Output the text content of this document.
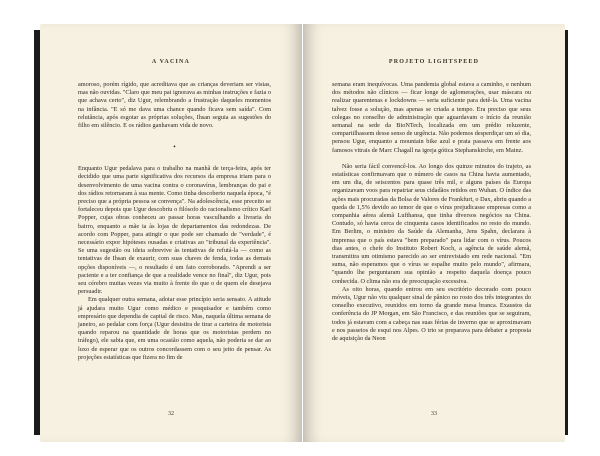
A VACINA

amoroso, porém rígido, que acreditava que as crianças deveriam ser vistas, mas não ouvidas. "Claro que meu pai ignorava as minhas instruções e fazia o que achava certo", diz Ugur, relembrando a frustração daqueles momentos na infância. "E só me dava uma chance quando ficava sem saída". Com relutância, após esgotar as próprias soluções, Ihsan seguia as sugestões do filho em silêncio. E os rádios ganhavam vida de novo.

•

Enquanto Ugur pedalava para o trabalho na manhã de terça-feira, após ter decidido que uma parte significativa dos recursos da empresa iriam para o desenvolvimento de uma vacina contra o coronavírus, lembranças do pai e dos rádios retornaram à sua mente. Como tinha descoberto naquela época, "é preciso que a própria pessoa se convença". Na adolescência, esse preceito se fortaleceu depois que Ugur descobriu o filósofo do racionalismo crítico Karl Popper, cujas obras conheceu ao passar horas vasculhando a livraria do bairro, enquanto a mãe ia às lojas de departamentos das redondezas. De acordo com Popper, para atingir o que pode ser chamado de "verdade", é necessário expor hipóteses ousadas e criativas ao "tribunal da experiência". Se uma sugestão ou ideia sobrevive às tentativas de refutá-la — como as tentativas de Ihsan de exaurir, com suas chaves de fenda, todas as demais opções disponíveis —, o resultado é um fato corroborado. "Aprendi a ser paciente e a ter confiança de que a realidade vence no final", diz Ugur, pois seu cérebro muitas vezes via muito à frente do que o de quem ele desejava persuadir.

Em qualquer outra semana, adotar esse princípio seria sensato. A atitude já ajudara muito Ugur como médico e pesquisador e também como empresário que dependia de capital de risco. Mas, naquela última semana de janeiro, ao pedalar com força (Ugur desistira de tirar a carteira de motorista quando reparou na quantidade de horas que os motoristas perdem no tráfego), ele sabia que, em uma ocasião como aquela, não poderia se dar ao luxo de esperar que os outros concordassem com o seu jeito de pensar. As projeções estatísticas que fizera no fim de

32
PROJETO LIGHTSPEED

semana eram inequívocas. Uma pandemia global estava a caminho, e nenhum dos métodos não clínicos — ficar longe de aglomerações, usar máscara ou realizar quarentenas e lockdowns — seria suficiente para detê-la. Uma vacina talvez fosse a solução, mas apenas se criada a tempo. Era preciso que seus colegas no conselho de administração que aguardavam o início da reunião semanal na sede da BioNTech, localizada em um prédio reluzente, compartilhassem desse senso de urgência. Não podemos desperdiçar um só dia, pensou Ugur, enquanto a mountain bike azul e prata passava em frente aos famosos vitrais de Marc Chagall na igreja gótica Stephanskirche, em Mainz.

Não seria fácil convencê-los. Ao longo dos quinze minutos do trajeto, as estatísticas confirmavam que o número de casos na China havia aumentado, em um dia, de seiscentos para quase três mil, e alguns países da Europa organizavam voos para repatriar seus cidadãos retidos em Wuhan. O índice das ações mais procuradas da Bolsa de Valores de Frankfurt, o Dax, abriu quando a queda de 1,5% devido ao temor de que o vírus prejudicasse empresas como a companhia aérea alemã Lufthansa, que tinha diversos negócios na China. Contudo, só havia cerca de cinquenta casos identificados no resto do mundo. Em Berlim, o ministro da Saúde da Alemanha, Jens Spahn, declarara à imprensa que o país estava "bem preparado" para lidar com o vírus. Poucos dias antes, o chefe do Instituto Robert Koch, a agência de saúde alemã, transmitira um otimismo parecido ao ser entrevistado em rede nacional. "Em suma, não esperamos que o vírus se espalhe muito pelo mundo", afirmara, "quando lhe perguntaram sua opinião a respeito daquela doença pouco conhecida. O clima não era de preocupação excessiva.

As oito horas, quando entrou em seu escritório decorado com pouco móveis, Ugur não viu qualquer sinal de pânico no rosto dos três integrantes do conselho executivo, reunidos em torno da grande mesa branca. Exaustos da conferência do JP Morgan, em São Francisco, e das reuniões que se seguiram, todos já estavam com a cabeça nas suas férias de inverno que se aproximavam e nos passeios de esqui nos Alpes. O trio se preparava para debater a proposta de aquisição da Neon

33
